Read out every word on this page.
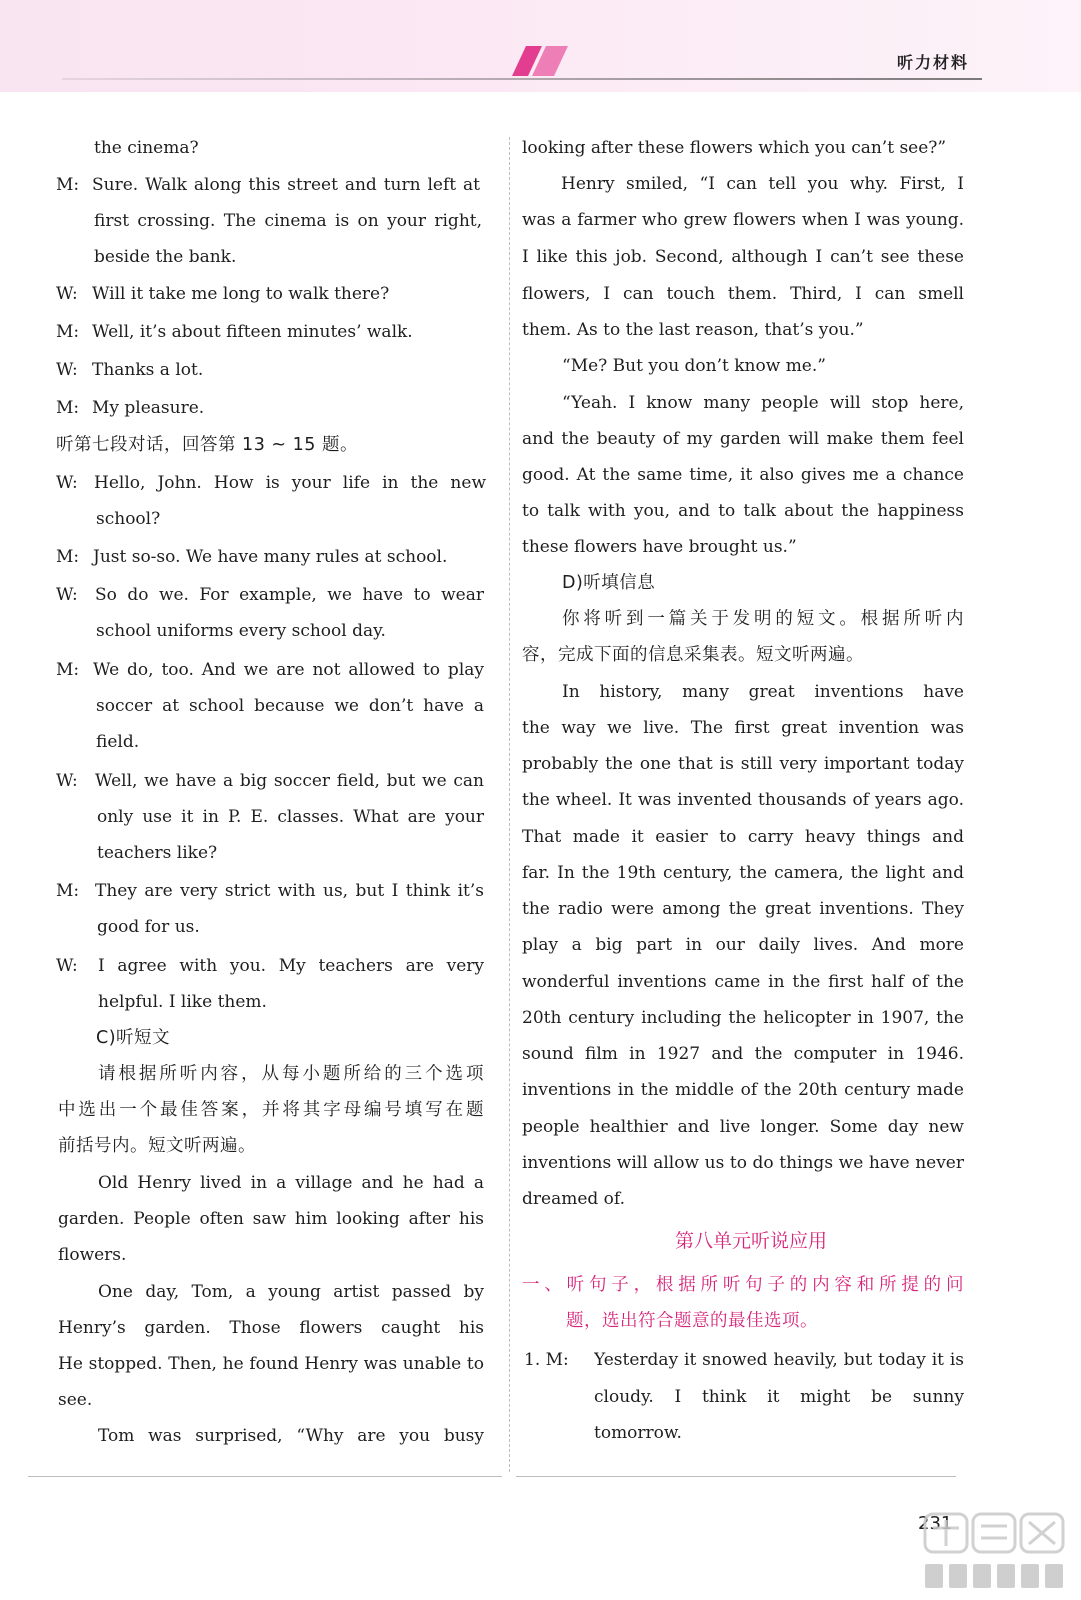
听力材料
the cinema?
M: Sure. Walk along this street and turn left at
first crossing. The cinema is on your right,
beside the bank.
W: Will it take me long to walk there?
M: Well, it’s about fifteen minutes’ walk.
W: Thanks a lot.
M: My pleasure.
听第七段对话，回答第 13 ~ 15 题。
W: Hello, John. How is your life in the new
school?
M: Just so-so. We have many rules at school.
W:	So do we. For example, we have to wear
school uniforms every school day.
M: We do, too. And we are not allowed to play
soccer at school because we don’t have a
field.
W:	Well, we have a big soccer field, but we can
only use it in P. E. classes. What are your
teachers like?
M: They are very strict with us, but I think it’s
good for us.
W:	I agree with you. My teachers are very
helpful. I like them.
C)听短文
请根据所听内容，从每小题所给的三个选项
中选出一个最佳答案，并将其字母编号填写在题
前括号内。短文听两遍。
Old Henry lived in a village and he had a
garden. People often saw him looking after his
flowers.
One day, Tom, a young artist passed by
Henry’s garden. Those flowers caught his
He stopped. Then, he found Henry was unable to
see.
Tom was surprised, “Why are you busy
looking after these flowers which you can’t see?”
Henry smiled, “I can tell you why. First, I
was a farmer who grew flowers when I was young.
I like this job. Second, although I can’t see these
flowers, I can touch them. Third, I can smell
them. As to the last reason, that’s you.”
“Me? But you don’t know me.”
“Yeah. I know many people will stop here,
and the beauty of my garden will make them feel
good. At the same time, it also gives me a chance
to talk with you, and to talk about the happiness
these flowers have brought us.”
D)听填信息
你将听到一篇关于发明的短文。根据所听内
容，完成下面的信息采集表。短文听两遍。
In history, many great inventions have
the way we live. The first great invention was
probably the one that is still very important today
the wheel. It was invented thousands of years ago.
That made it easier to carry heavy things and
far. In the 19th century, the camera, the light and
the radio were among the great inventions. They
play a big part in our daily lives. And more
wonderful inventions came in the first half of the
20th century including the helicopter in 1907, the
sound film in 1927 and the computer in 1946.
inventions in the middle of the 20th century made
people healthier and live longer. Some day new
inventions will allow us to do things we have never
dreamed of.
第八单元听说应用
一、听句子，根据所听句子的内容和所提的问
题，选出符合题意的最佳选项。
1. M:	Yesterday it snowed heavily, but today it is
cloudy. I think it might be sunny
tomorrow.
231
